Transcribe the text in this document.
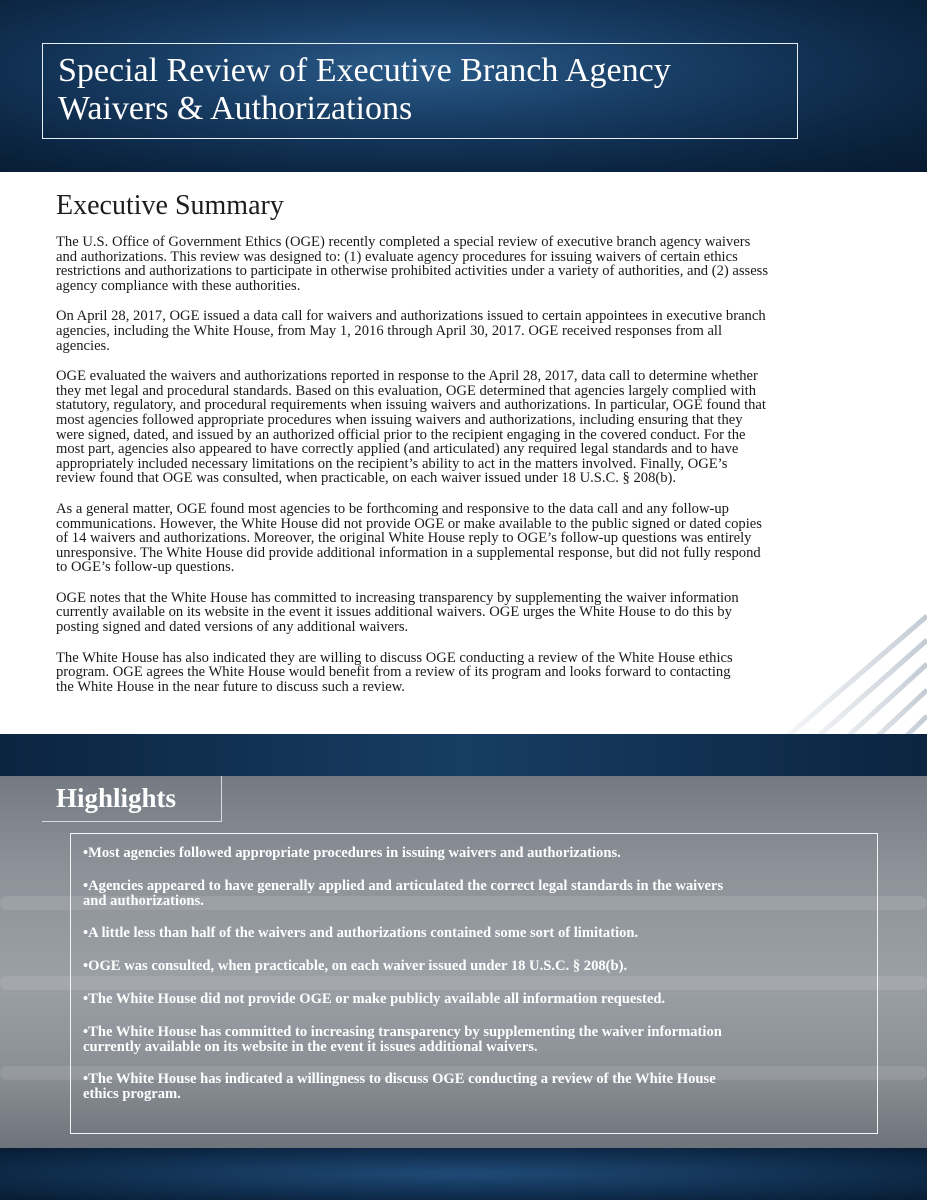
Special Review of Executive Branch Agency
Waivers & Authorizations
Executive Summary
The U.S. Office of Government Ethics (OGE) recently completed a special review of executive branch agency waivers
and authorizations. This review was designed to: (1) evaluate agency procedures for issuing waivers of certain ethics
restrictions and authorizations to participate in otherwise prohibited activities under a variety of authorities, and (2) assess
agency compliance with these authorities.
On April 28, 2017, OGE issued a data call for waivers and authorizations issued to certain appointees in executive branch
agencies, including the White House, from May 1, 2016 through April 30, 2017. OGE received responses from all
agencies.
OGE evaluated the waivers and authorizations reported in response to the April 28, 2017, data call to determine whether
they met legal and procedural standards. Based on this evaluation, OGE determined that agencies largely complied with
statutory, regulatory, and procedural requirements when issuing waivers and authorizations. In particular, OGE found that
most agencies followed appropriate procedures when issuing waivers and authorizations, including ensuring that they
were signed, dated, and issued by an authorized official prior to the recipient engaging in the covered conduct. For the
most part, agencies also appeared to have correctly applied (and articulated) any required legal standards and to have
appropriately included necessary limitations on the recipient’s ability to act in the matters involved. Finally, OGE’s
review found that OGE was consulted, when practicable, on each waiver issued under 18 U.S.C. § 208(b).
As a general matter, OGE found most agencies to be forthcoming and responsive to the data call and any follow-up
communications. However, the White House did not provide OGE or make available to the public signed or dated copies
of 14 waivers and authorizations. Moreover, the original White House reply to OGE’s follow-up questions was entirely
unresponsive. The White House did provide additional information in a supplemental response, but did not fully respond
to OGE’s follow-up questions.
OGE notes that the White House has committed to increasing transparency by supplementing the waiver information
currently available on its website in the event it issues additional waivers. OGE urges the White House to do this by
posting signed and dated versions of any additional waivers.
The White House has also indicated they are willing to discuss OGE conducting a review of the White House ethics
program. OGE agrees the White House would benefit from a review of its program and looks forward to contacting
the White House in the near future to discuss such a review.
Highlights
•Most agencies followed appropriate procedures in issuing waivers and authorizations.
•Agencies appeared to have generally applied and articulated the correct legal standards in the waivers
and authorizations.
•A little less than half of the waivers and authorizations contained some sort of limitation.
•OGE was consulted, when practicable, on each waiver issued under 18 U.S.C. § 208(b).
•The White House did not provide OGE or make publicly available all information requested.
•The White House has committed to increasing transparency by supplementing the waiver information
currently available on its website in the event it issues additional waivers.
•The White House has indicated a willingness to discuss OGE conducting a review of the White House
ethics program.
